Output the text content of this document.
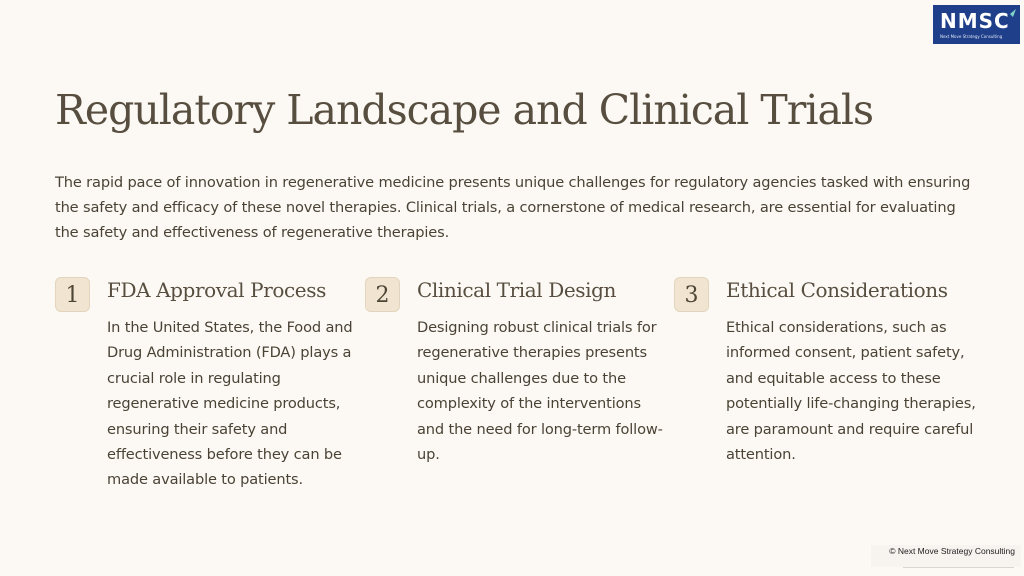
NMSC
Next Move Strategy Consulting
Regulatory Landscape and Clinical Trials

The rapid pace of innovation in regenerative medicine presents unique challenges for regulatory agencies tasked with ensuring the safety and efficacy of these novel therapies. Clinical trials, a cornerstone of medical research, are essential for evaluating the safety and effectiveness of regenerative therapies.

1	FDA Approval Process

In the United States, the Food and Drug Administration (FDA) plays a crucial role in regulating regenerative medicine products, ensuring their safety and effectiveness before they can be made available to patients.

2	Clinical Trial Design

Designing robust clinical trials for regenerative therapies presents unique challenges due to the complexity of the interventions and the need for long-term follow-up.

3	Ethical Considerations

Ethical considerations, such as informed consent, patient safety, and equitable access to these potentially life-changing therapies, are paramount and require careful attention.

© Next Move Strategy Consulting
